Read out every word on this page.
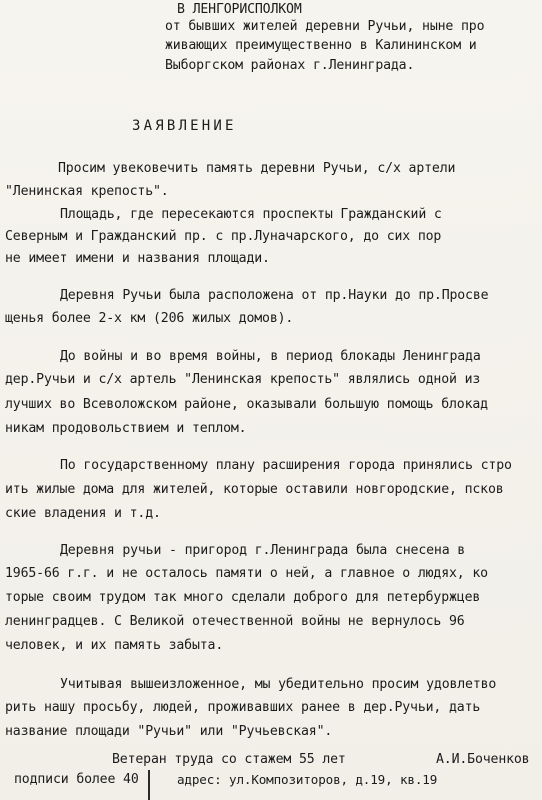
В ЛЕНГОРИСПОЛКОМ
от бывших жителей деревни Ручьи, ныне про
живающих преимущественно в Калининском и
Выборгском районах г.Ленинграда.
ЗАЯВЛЕНИЕ
Просим увековечить память деревни Ручьи, с/х артели
"Ленинская крепость".
Площадь, где пересекаются проспекты Гражданский с
Северным и Гражданский пр. с пр.Луначарского, до сих пор
не имеет имени и названия площади.
Деревня Ручьи была расположена от пр.Науки до пр.Просве
щенья более 2-х км (206 жилых домов).
До войны и во время войны, в период блокады Ленинграда
дер.Ручьи и с/х артель "Ленинская крепость" являлись одной из
лучших во Всеволожском районе, оказывали большую помощь блокад
никам продовольствием и теплом.
По государственному плану расширения города принялись стро
ить жилые дома для жителей, которые оставили новгородские, псков
ские владения и т.д.
Деревня ручьи - пригород г.Ленинграда была снесена в
1965-66 г.г. и не осталось памяти о ней, а главное о людях, ко
торые своим трудом так много сделали доброго для петербуржцев
ленинградцев. С Великой отечественной войны не вернулось 96
человек, и их память забыта.
Учитывая вышеизложенное, мы убедительно просим удовлетво
рить нашу просьбу, людей, проживавших ранее в дер.Ручьи, дать
название площади "Ручьи" или "Ручьевская".
Ветеран труда со стажем 55 лет	А.И.Боченков
подписи более 40	адрес: ул.Композиторов, д.19, кв.19
